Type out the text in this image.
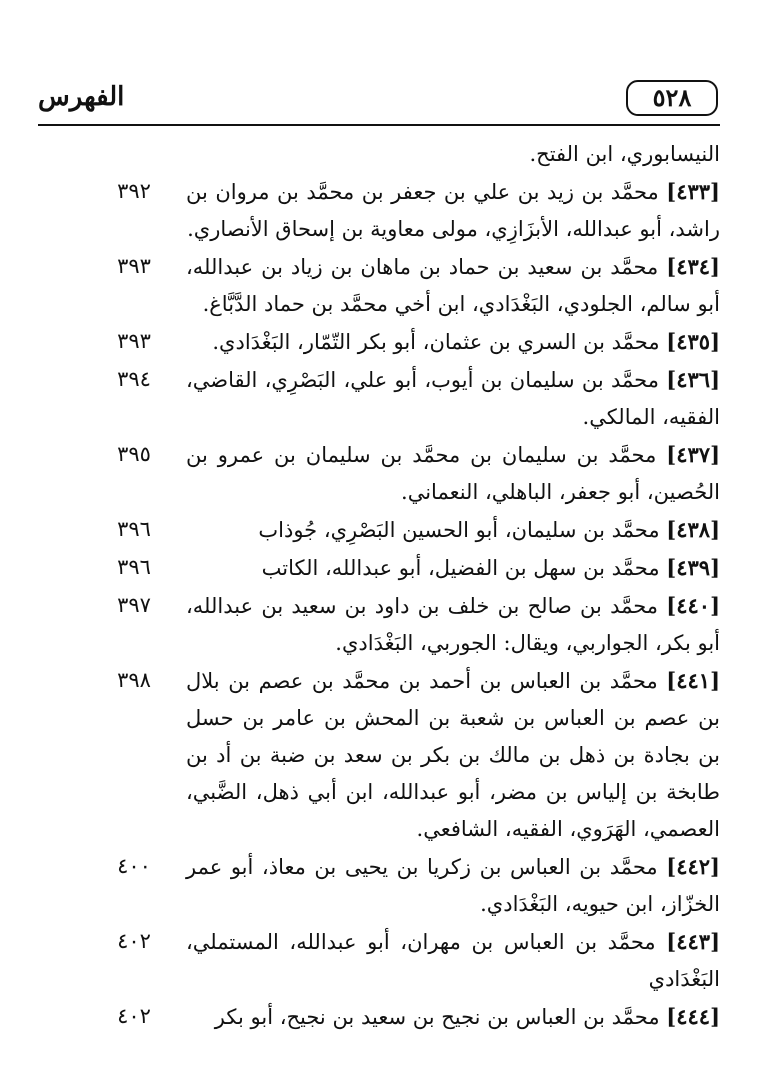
الفهرس	٥٢٨
النيسابوري، ابن الفتح.
[٤٣٣] محمَّد بن زيد بن علي بن جعفر بن محمَّد بن مروان بن راشد، أبو عبدالله، الأبزَازِي، مولى معاوية بن إسحاق الأنصاري.
٣٩٢
[٤٣٤] محمَّد بن سعيد بن حماد بن ماهان بن زياد بن عبدالله، أبو سالم، الجلودي، البَغْدَادي، ابن أخي محمَّد بن حماد الدَّبَّاغ.
٣٩٣
[٤٣٥] محمَّد بن السري بن عثمان، أبو بكر التّمّار، البَغْدَادي.
٣٩٣
[٤٣٦] محمَّد بن سليمان بن أيوب، أبو علي، البَصْرِي، القاضي، الفقيه، المالكي.
٣٩٤
[٤٣٧] محمَّد بن سليمان بن محمَّد بن سليمان بن عمرو بن الحُصين، أبو جعفر، الباهلي، النعماني.
٣٩٥
[٤٣٨] محمَّد بن سليمان، أبو الحسين البَصْرِي، جُوذاب
٣٩٦
[٤٣٩] محمَّد بن سهل بن الفضيل، أبو عبدالله، الكاتب
٣٩٦
[٤٤٠] محمَّد بن صالح بن خلف بن داود بن سعيد بن عبدالله، أبو بكر، الجواربي، ويقال: الجوربي، البَغْدَادي.
٣٩٧
[٤٤١] محمَّد بن العباس بن أحمد بن محمَّد بن عصم بن بلال بن عصم بن العباس بن شعبة بن المحش بن عامر بن حسل بن بجادة بن ذهل بن مالك بن بكر بن سعد بن ضبة بن أد بن طابخة بن إلياس بن مضر، أبو عبدالله، ابن أبي ذهل، الضَّبي، العصمي، الهَرَوي، الفقيه، الشافعي.
٣٩٨
[٤٤٢] محمَّد بن العباس بن زكريا بن يحيى بن معاذ، أبو عمر الخزّاز، ابن حيويه، البَغْدَادي.
٤٠٠
[٤٤٣] محمَّد بن العباس بن مهران، أبو عبدالله، المستملي، البَغْدَادي
٤٠٢
[٤٤٤] محمَّد بن العباس بن نجيح بن سعيد بن نجيح، أبو بكر
٤٠٢
